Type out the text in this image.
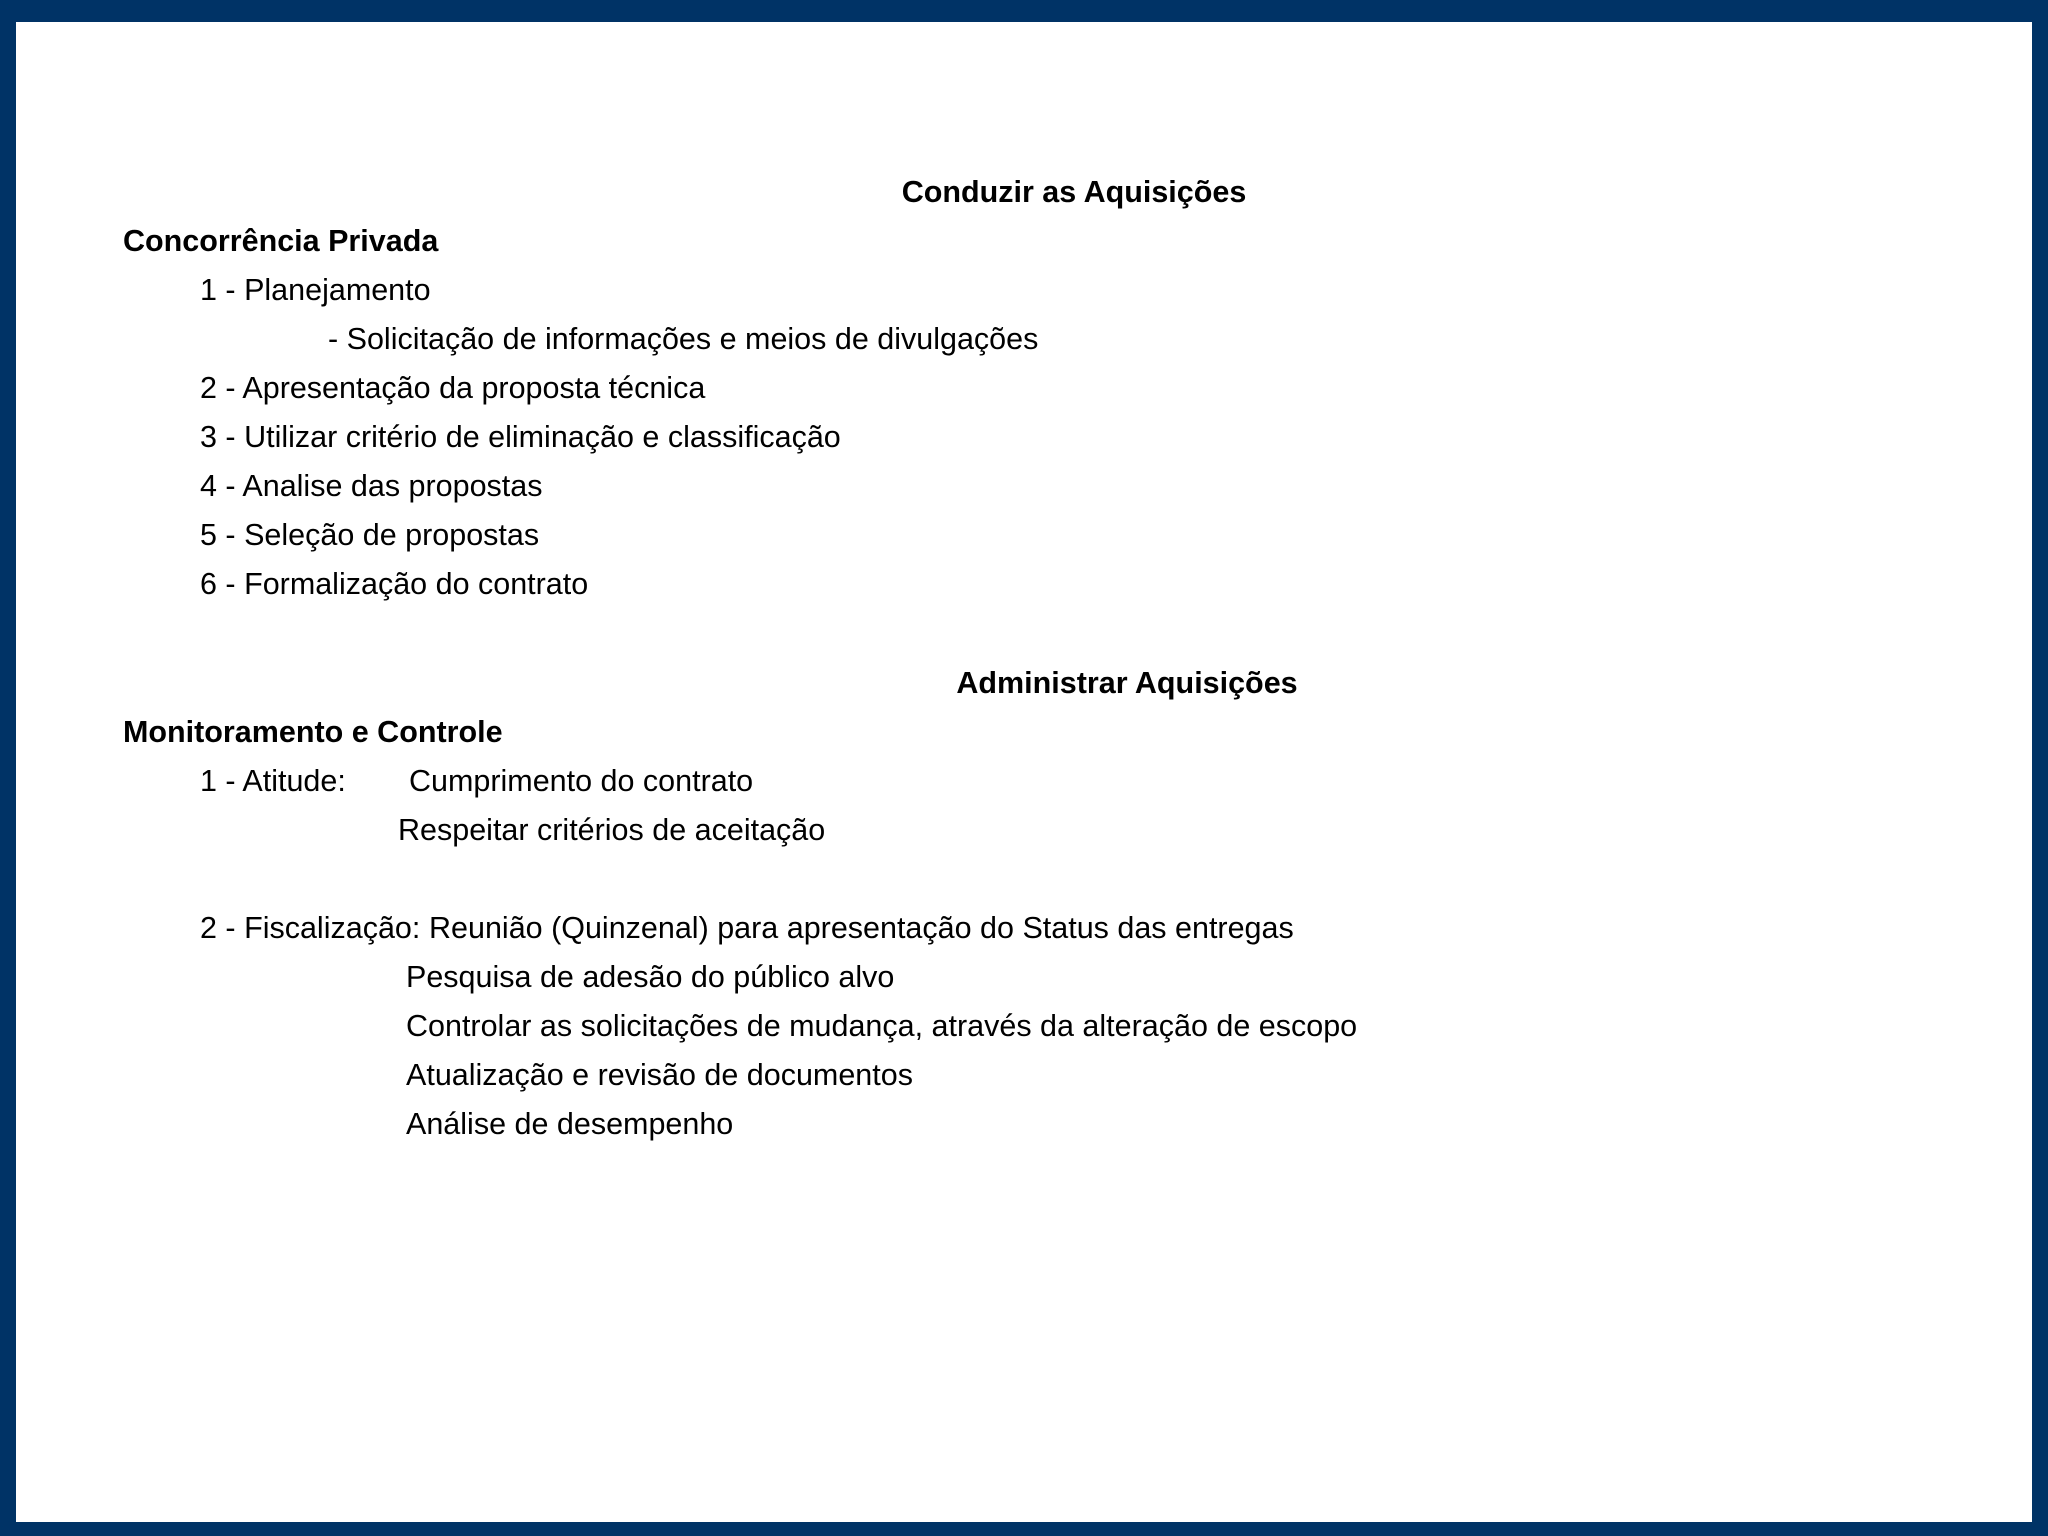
Conduzir as Aquisições
Concorrência Privada
1 - Planejamento
- Solicitação de informações e meios de divulgações
2 - Apresentação da proposta técnica
3 - Utilizar critério de eliminação e classificação
4 - Analise das propostas
5 - Seleção de propostas
6 - Formalização do contrato
Administrar Aquisições
Monitoramento e Controle
1 - Atitude: Cumprimento do contrato
Respeitar critérios de aceitação
2 - Fiscalização: Reunião (Quinzenal) para apresentação do Status das entregas
Pesquisa de adesão do público alvo
Controlar as solicitações de mudança, através da alteração de escopo
Atualização e revisão de documentos
Análise de desempenho
